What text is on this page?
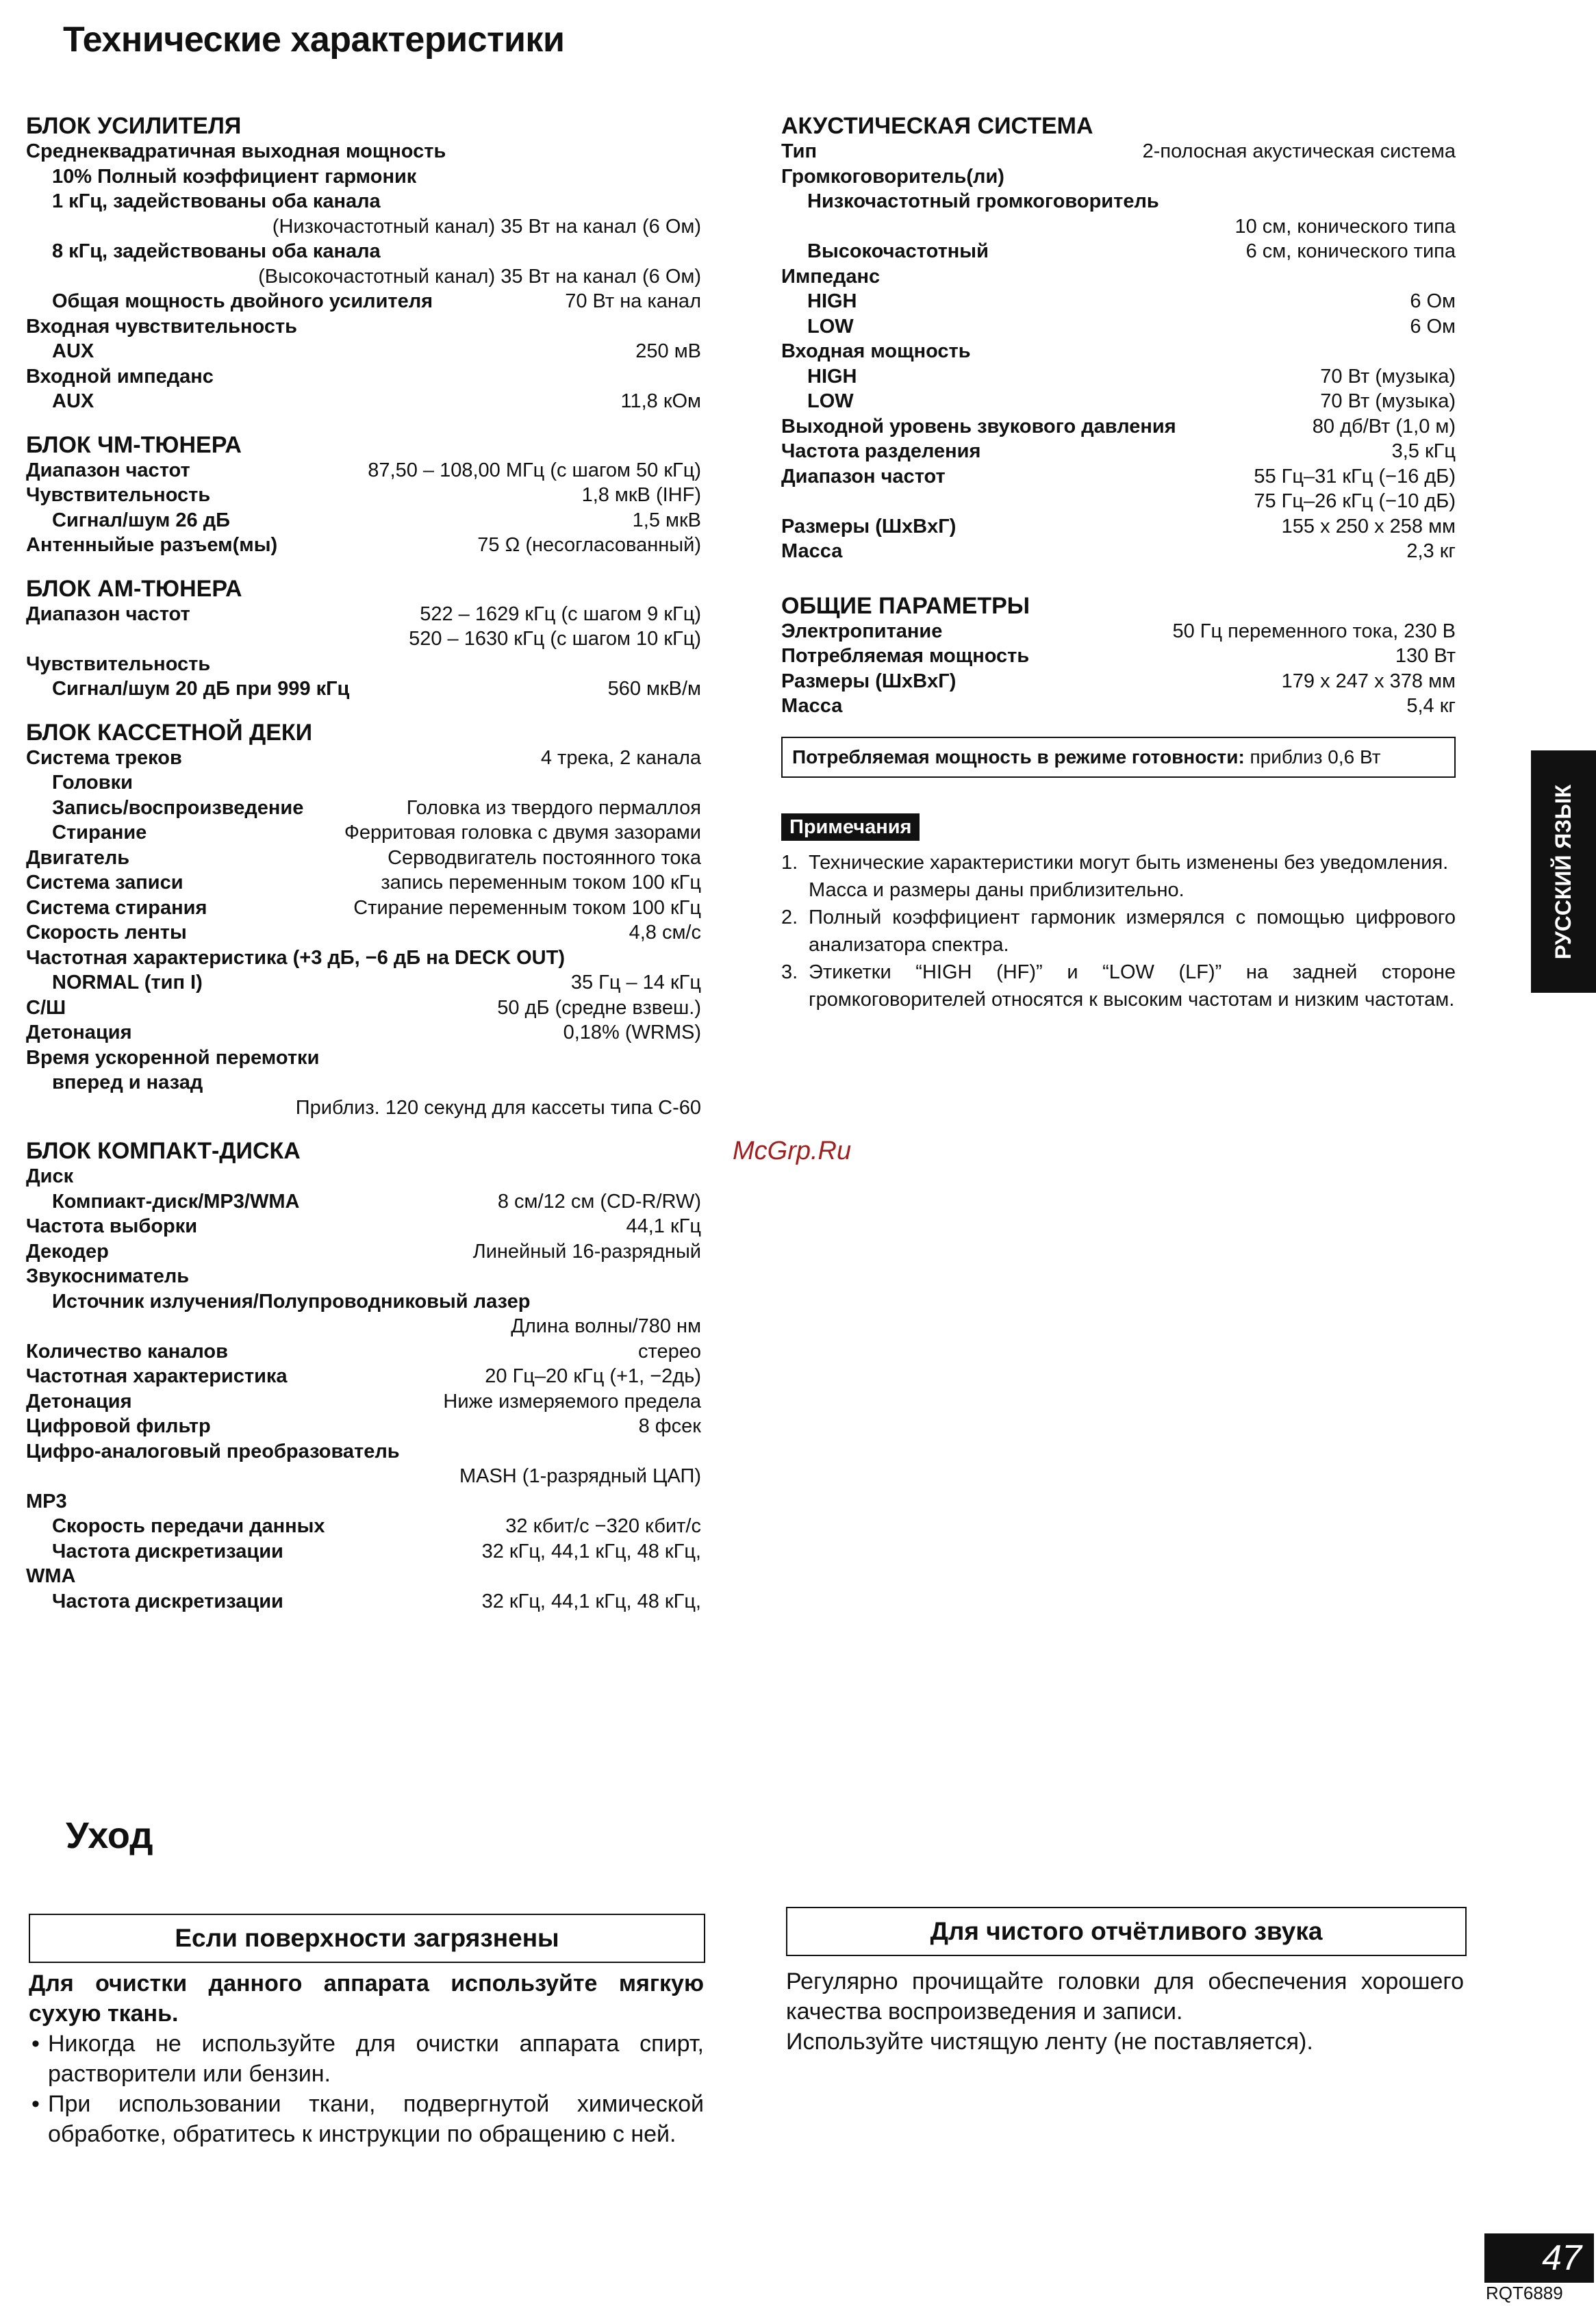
Технические характеристики
БЛОК УСИЛИТЕЛЯ
Среднеквадратичная выходная мощность
10% Полный коэффициент гармоник
1 кГц, задействованы оба канала
(Низкочастотный канал) 35 Вт на канал (6 Ом)
8 кГц, задействованы оба канала
(Высокочастотный канал) 35 Вт на канал (6 Ом)
Общая мощность двойного усилителя	70 Вт на канал
Входная чувствительность
AUX	250 мВ
Входной импеданс
AUX	11,8 кОм
БЛОК ЧМ-ТЮНЕРА
Диапазон частот	87,50 – 108,00 МГц (с шагом 50 кГц)
Чувствительность	1,8 мкВ (IHF)
Сигнал/шум 26 дБ	1,5 мкВ
Антенныйые разъем(мы)	75 Ω (несогласованный)
БЛОК АМ-ТЮНЕРА
Диапазон частот	522 – 1629 кГц (с шагом 9 кГц)
520 – 1630 кГц (с шагом 10 кГц)
Чувствительность
Сигнал/шум 20 дБ при 999 кГц	560 мкВ/м
БЛОК КАССЕТНОЙ ДЕКИ
Система треков	4 трека, 2 канала
Головки
Запись/воспроизведение	Головка из твердого пермаллоя
Стирание	Ферритовая головка с двумя зазорами
Двигатель	Серводвигатель постоянного тока
Система записи	запись переменным током 100 кГц
Система стирания	Стирание переменным током 100 кГц
Скорость ленты	4,8 см/с
Частотная характеристика (+3 дБ, −6 дБ на DECK OUT)
NORMAL (тип I)	35 Гц – 14 кГц
С/Ш	50 дБ (средне взвеш.)
Детонация	0,18% (WRMS)
Время ускоренной перемотки
вперед и назад
Приблиз. 120 секунд для кассеты типа С-60
БЛОК КОМПАКТ-ДИСКА
Диск
Компиакт-диск/MP3/WMA	8 см/12 см (CD-R/RW)
Частота выборки	44,1 кГц
Декодер	Линейный 16-разрядный
Звукосниматель
Источник излучения/Полупроводниковый лазер
Длина волны/780 нм
Количество каналов	стерео
Частотная характеристика	20 Гц–20 кГц (+1, −2дь)
Детонация	Ниже измеряемого предела
Цифровой фильтр	8 фсек
Цифро-аналоговый преобразователь
MASH (1-разрядный ЦАП)
MP3
Скорость передачи данных	32 кбит/с −320 кбит/с
Частота дискретизации	32 кГц, 44,1 кГц, 48 кГц,
WMA
Частота дискретизации	32 кГц, 44,1 кГц, 48 кГц,
АКУСТИЧЕСКАЯ СИСТЕМА
Тип	2-полосная акустическая система
Громкоговоритель(ли)
Низкочастотный громкоговоритель
10 см, конического типа
Высокочастотный	6 см, конического типа
Импеданс
HIGH	6 Ом
LOW	6 Ом
Входная мощность
HIGH	70 Вт (музыка)
LOW	70 Вт (музыка)
Выходной уровень звукового давления	80 дб/Вт (1,0 м)
Частота разделения	3,5 кГц
Диапазон частот	55 Гц–31 кГц (−16 дБ)
75 Гц–26 кГц (−10 дБ)
Размеры (ШxВxГ)	155 x 250 x 258 мм
Масса	2,3 кг
ОБЩИЕ ПАРАМЕТРЫ
Электропитание	50 Гц переменного тока, 230 В
Потребляемая мощность	130 Вт
Размеры (ШxВxГ)	179 x 247 x 378 мм
Масса	5,4 кг
Потребляемая мощность в режиме готовности: приблиз 0,6 Вт
Примечания
1. Технические характеристики могут быть изменены без уведомления.
Масса и размеры даны приблизительно.
2. Полный коэффициент гармоник измерялся с помощью цифрового анализатора спектра.
3. Этикетки “HIGH (HF)” и “LOW (LF)” на задней стороне громкоговорителей относятся к высоким частотам и низким частотам.
РУССКИЙ ЯЗЫК
McGrp.Ru
Уход
Если поверхности загрязнены

Для очистки данного аппарата используйте мягкую сухую ткань.

• Никогда не используйте для очистки аппарата спирт, растворители или бензин.

• При использовании ткани, подвергнутой химической обработке, обратитесь к инструкции по обращению с ней.

Для чистого отчётливого звука

Регулярно прочищайте головки для обеспечения хорошего качества воспроизведения и записи.

Используйте чистящую ленту (не поставляется).

47
RQT6889
